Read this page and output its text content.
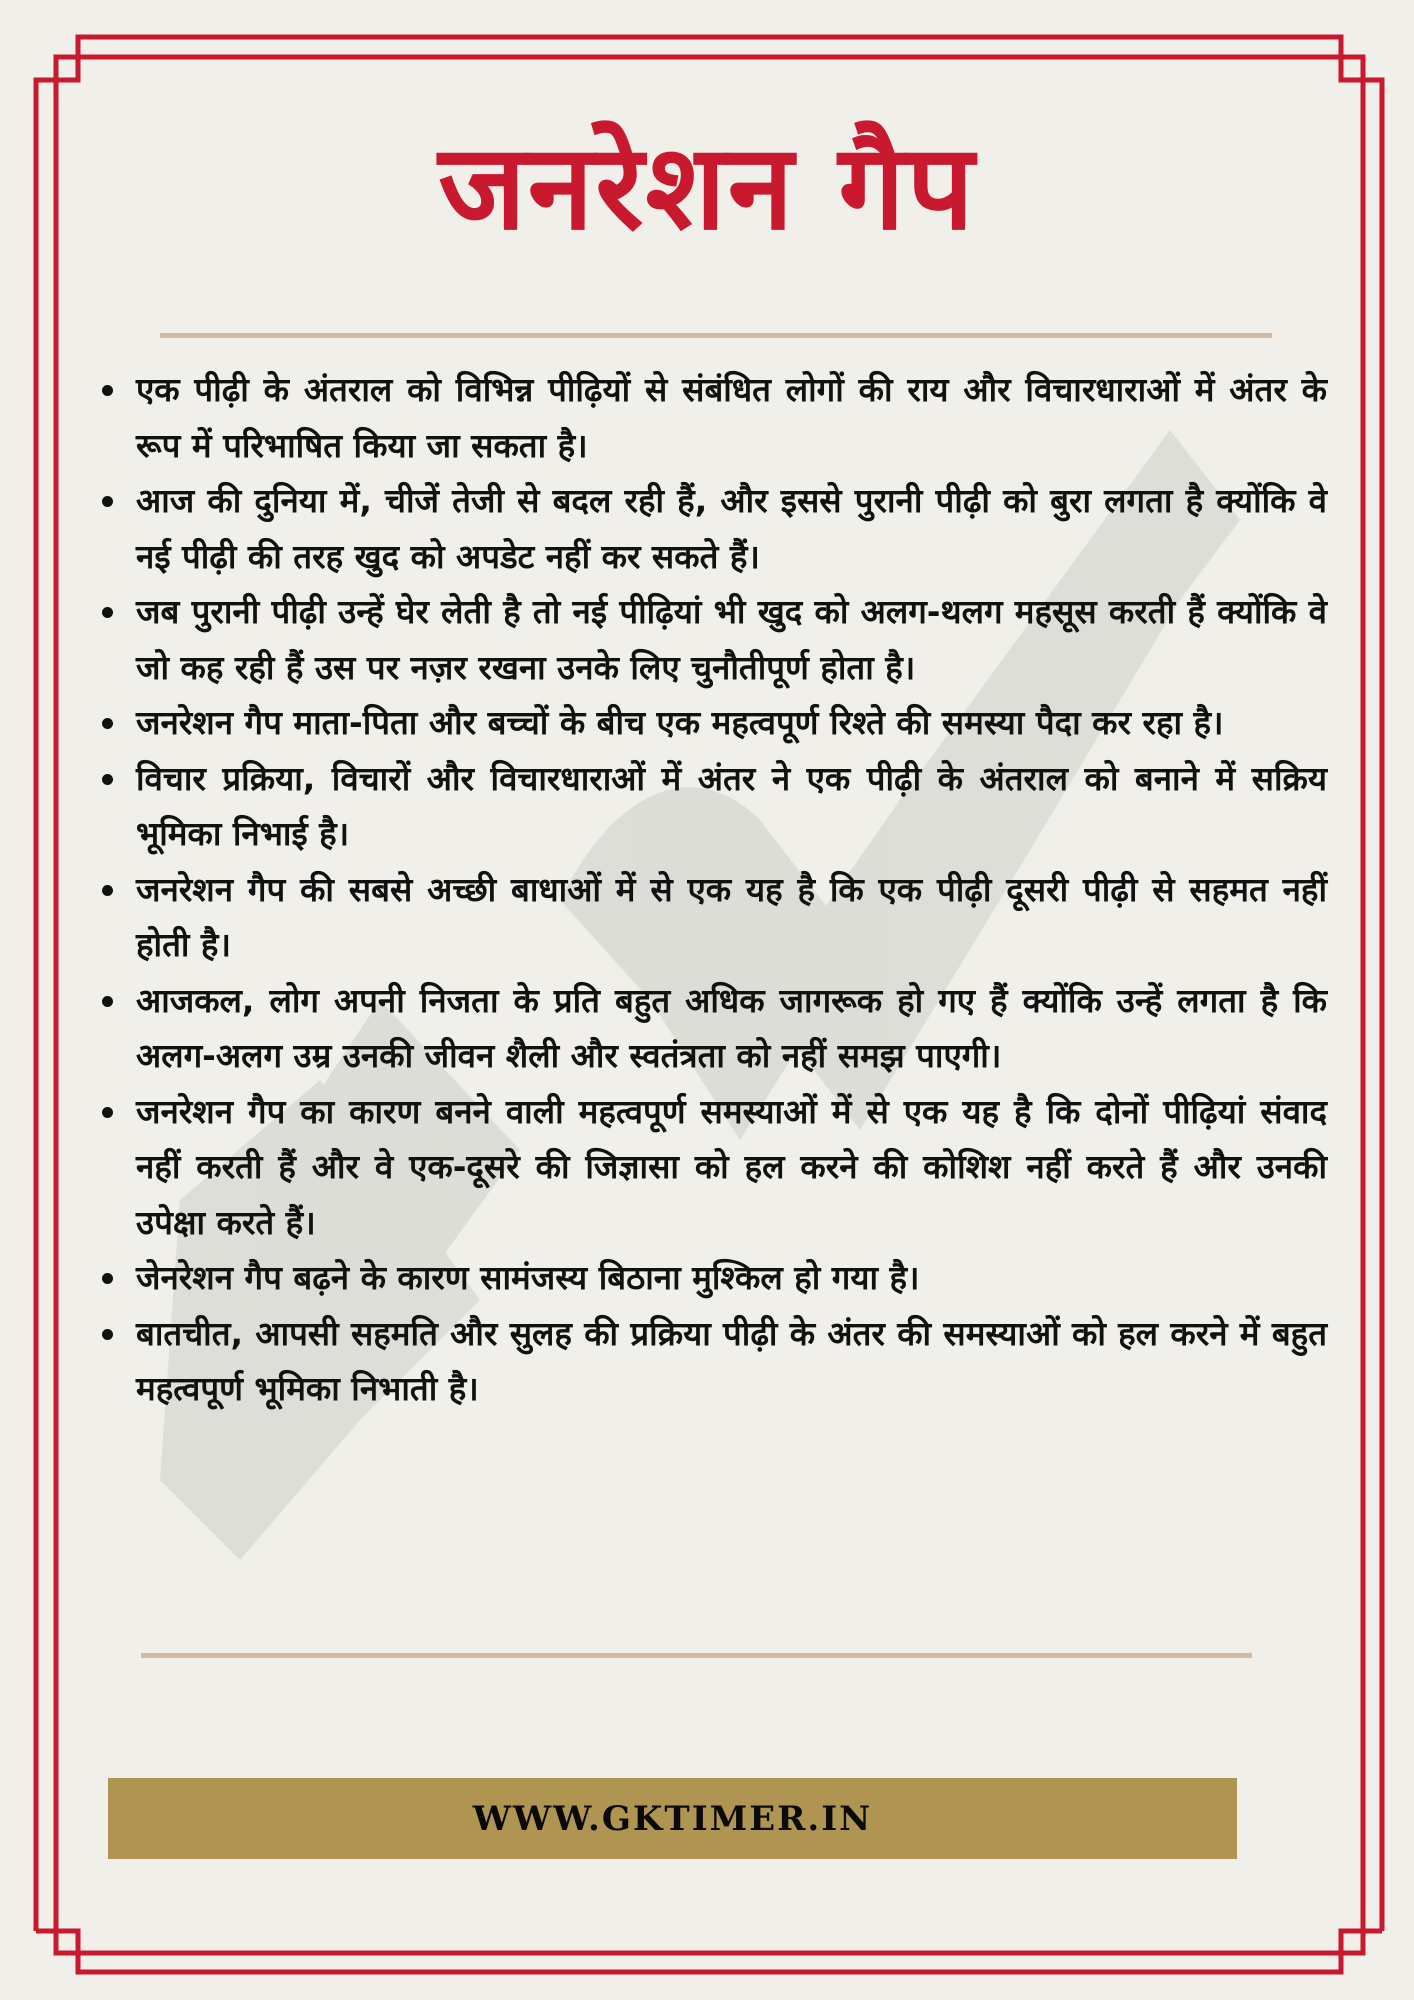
जनरेशन गैप
एक पीढ़ी के अंतराल को विभिन्न पीढ़ियों से संबंधित लोगों की राय और विचारधाराओं में अंतर के रूप में परिभाषित किया जा सकता है।
आज की दुनिया में, चीजें तेजी से बदल रही हैं, और इससे पुरानी पीढ़ी को बुरा लगता है क्योंकि वे नई पीढ़ी की तरह खुद को अपडेट नहीं कर सकते हैं।
जब पुरानी पीढ़ी उन्हें घेर लेती है तो नई पीढ़ियां भी खुद को अलग-थलग महसूस करती हैं क्योंकि वे जो कह रही हैं उस पर नज़र रखना उनके लिए चुनौतीपूर्ण होता है।
जनरेशन गैप माता-पिता और बच्चों के बीच एक महत्वपूर्ण रिश्ते की समस्या पैदा कर रहा है।
विचार प्रक्रिया, विचारों और विचारधाराओं में अंतर ने एक पीढ़ी के अंतराल को बनाने में सक्रिय भूमिका निभाई है।
जनरेशन गैप की सबसे अच्छी बाधाओं में से एक यह है कि एक पीढ़ी दूसरी पीढ़ी से सहमत नहीं होती है।
आजकल, लोग अपनी निजता के प्रति बहुत अधिक जागरूक हो गए हैं क्योंकि उन्हें लगता है कि अलग-अलग उम्र उनकी जीवन शैली और स्वतंत्रता को नहीं समझ पाएगी।
जनरेशन गैप का कारण बनने वाली महत्वपूर्ण समस्याओं में से एक यह है कि दोनों पीढ़ियां संवाद नहीं करती हैं और वे एक-दूसरे की जिज्ञासा को हल करने की कोशिश नहीं करते हैं और उनकी उपेक्षा करते हैं।
जेनरेशन गैप बढ़ने के कारण सामंजस्य बिठाना मुश्किल हो गया है।
बातचीत, आपसी सहमति और सुलह की प्रक्रिया पीढ़ी के अंतर की समस्याओं को हल करने में बहुत महत्वपूर्ण भूमिका निभाती है।
WWW.GKTIMER.IN
